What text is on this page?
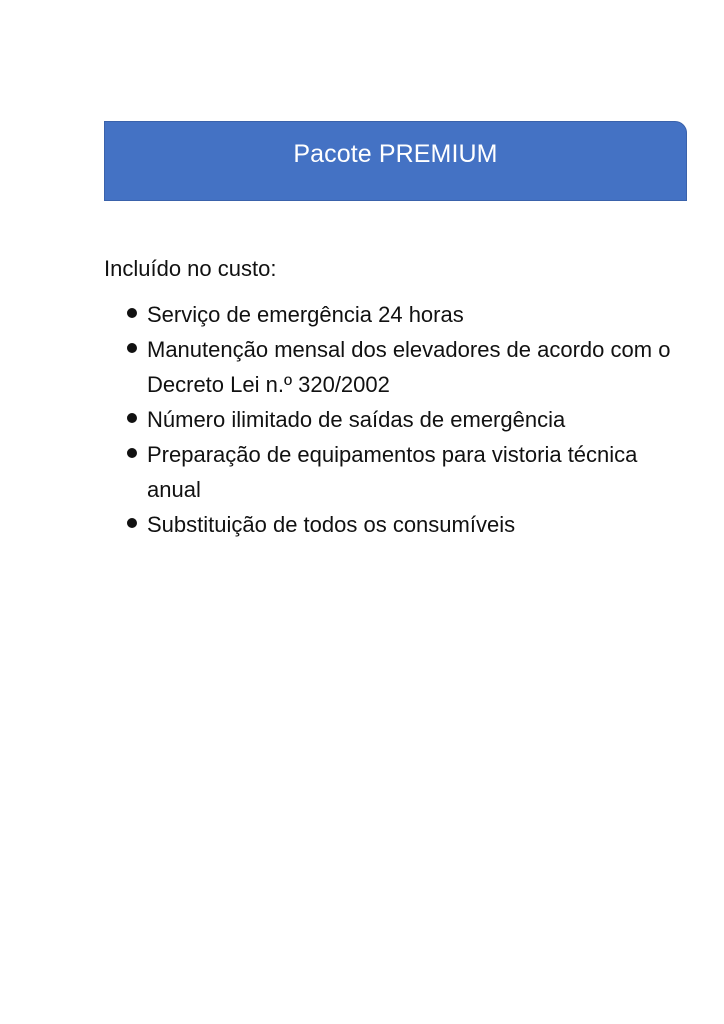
Pacote PREMIUM
Incluído no custo:
Serviço de emergência 24 horas
Manutenção mensal dos elevadores de acordo com o Decreto Lei n.º 320/2002
Número ilimitado de saídas de emergência
Preparação de equipamentos para vistoria técnica anual
Substituição de todos os consumíveis
